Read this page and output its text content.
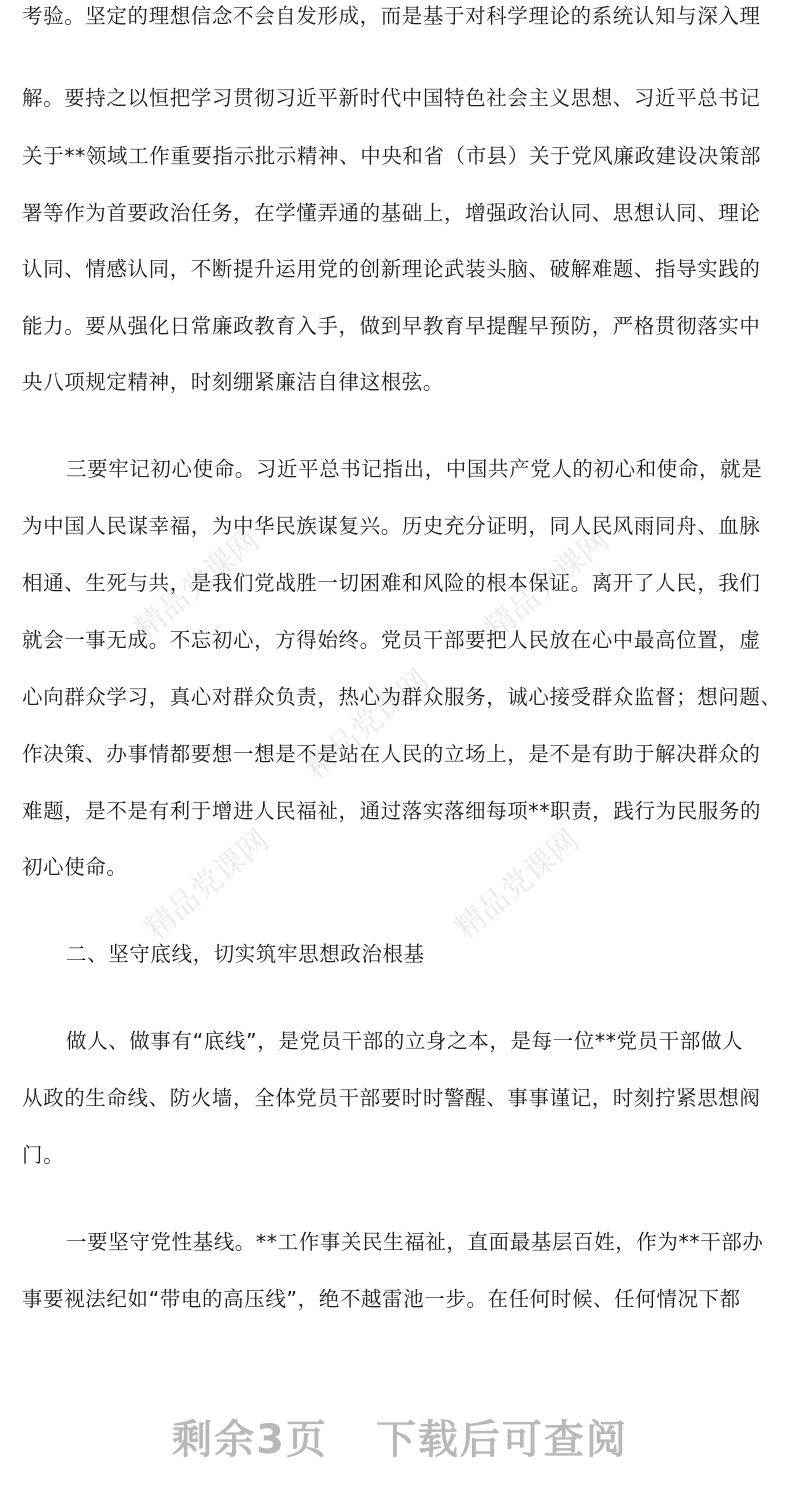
精品党课网	精品党课网
精品党课网
精品党课网	精品党课网
考验。坚定的理想信念不会自发形成，而是基于对科学理论的系统认知与深入理
解。要持之以恒把学习贯彻习近平新时代中国特色社会主义思想、习近平总书记
关于**领域工作重要指示批示精神、中央和省（市县）关于党风廉政建设决策部
署等作为首要政治任务，在学懂弄通的基础上，增强政治认同、思想认同、理论
认同、情感认同，不断提升运用党的创新理论武装头脑、破解难题、指导实践的
能力。要从强化日常廉政教育入手，做到早教育早提醒早预防，严格贯彻落实中
央八项规定精神，时刻绷紧廉洁自律这根弦。
三要牢记初心使命。习近平总书记指出，中国共产党人的初心和使命，就是
为中国人民谋幸福，为中华民族谋复兴。历史充分证明，同人民风雨同舟、血脉
相通、生死与共，是我们党战胜一切困难和风险的根本保证。离开了人民，我们
就会一事无成。不忘初心，方得始终。党员干部要把人民放在心中最高位置，虚
心向群众学习，真心对群众负责，热心为群众服务，诚心接受群众监督；想问题、
作决策、办事情都要想一想是不是站在人民的立场上，是不是有助于解决群众的
难题，是不是有利于增进人民福祉，通过落实落细每项**职责，践行为民服务的
初心使命。
二、坚守底线，切实筑牢思想政治根基
做人、做事有“底线”，是党员干部的立身之本，是每一位**党员干部做人
从政的生命线、防火墙，全体党员干部要时时警醒、事事谨记，时刻拧紧思想阀
门。
一要坚守党性基线。**工作事关民生福祉，直面最基层百姓，作为**干部办
事要视法纪如“带电的高压线”，绝不越雷池一步。在任何时候、任何情况下都
剩余3页 下载后可查阅
